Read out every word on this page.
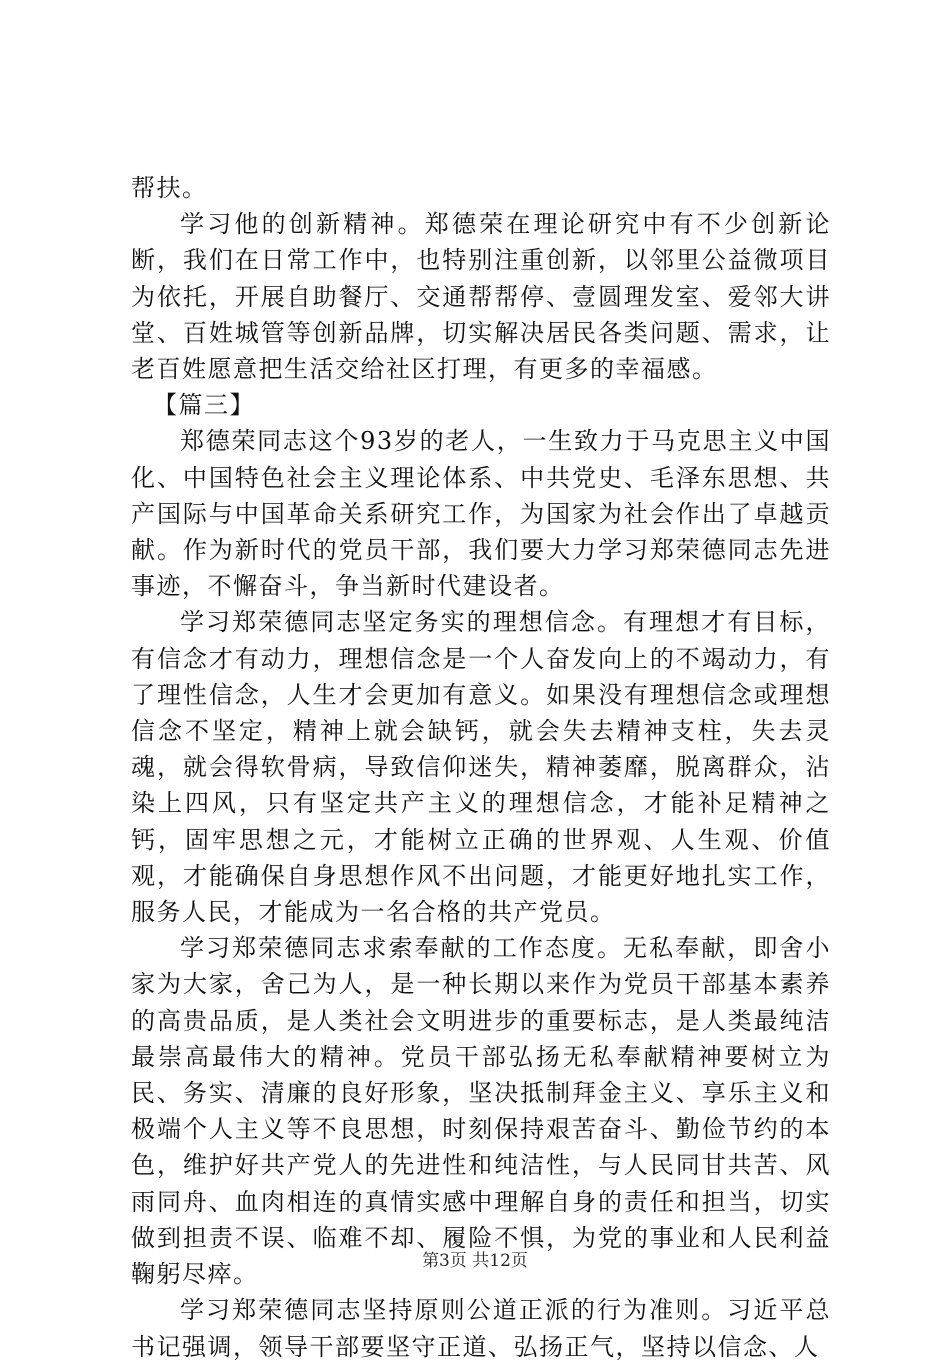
帮扶。

学习他的创新精神。郑德荣在理论研究中有不少创新论断，我们在日常工作中，也特别注重创新，以邻里公益微项目为依托，开展自助餐厅、交通帮帮停、壹圆理发室、爱邻大讲堂、百姓城管等创新品牌，切实解决居民各类问题、需求，让老百姓愿意把生活交给社区打理，有更多的幸福感。

【篇三】

郑德荣同志这个93岁的老人，一生致力于马克思主义中国化、中国特色社会主义理论体系、中共党史、毛泽东思想、共产国际与中国革命关系研究工作，为国家为社会作出了卓越贡献。作为新时代的党员干部，我们要大力学习郑荣德同志先进事迹，不懈奋斗，争当新时代建设者。

学习郑荣德同志坚定务实的理想信念。有理想才有目标，有信念才有动力，理想信念是一个人奋发向上的不竭动力，有了理性信念，人生才会更加有意义。如果没有理想信念或理想信念不坚定，精神上就会缺钙，就会失去精神支柱，失去灵魂，就会得软骨病，导致信仰迷失，精神萎靡，脱离群众，沾染上四风，只有坚定共产主义的理想信念，才能补足精神之钙，固牢思想之元，才能树立正确的世界观、人生观、价值观，才能确保自身思想作风不出问题，才能更好地扎实工作，服务人民，才能成为一名合格的共产党员。

学习郑荣德同志求索奉献的工作态度。无私奉献，即舍小家为大家，舍己为人，是一种长期以来作为党员干部基本素养的高贵品质，是人类社会文明进步的重要标志，是人类最纯洁最崇高最伟大的精神。党员干部弘扬无私奉献精神要树立为民、务实、清廉的良好形象，坚决抵制拜金主义、享乐主义和极端个人主义等不良思想，时刻保持艰苦奋斗、勤俭节约的本色，维护好共产党人的先进性和纯洁性，与人民同甘共苦、风雨同舟、血肉相连的真情实感中理解自身的责任和担当，切实做到担责不误、临难不却、履险不惧，为党的事业和人民利益鞠躬尽瘁。

学习郑荣德同志坚持原则公道正派的行为准则。习近平总书记强调，领导干部要坚守正道、弘扬正气，坚持以信念、人

第3页 共12页
